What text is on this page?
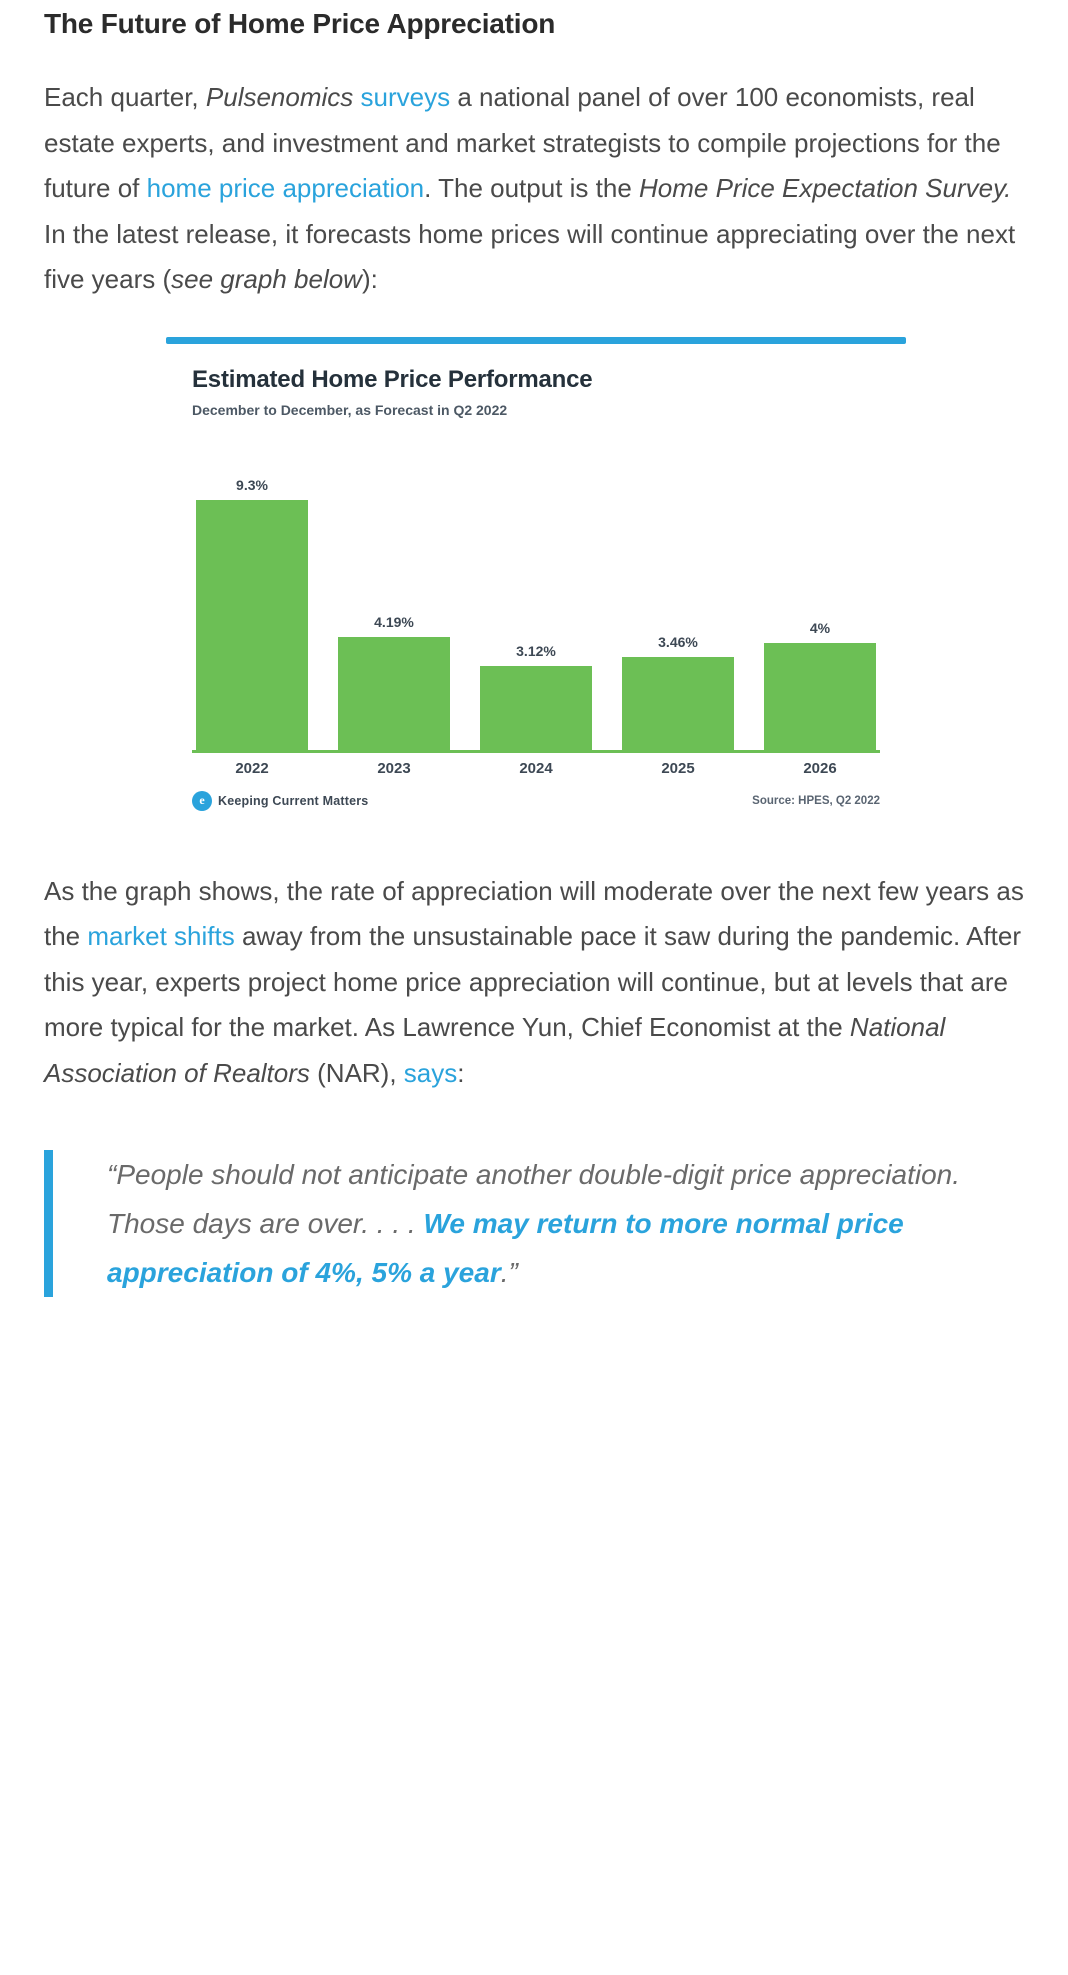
The Future of Home Price Appreciation

Each quarter, Pulsenomics surveys a national panel of over 100 economists, real estate experts, and investment and market strategists to compile projections for the future of home price appreciation. The output is the Home Price Expectation Survey. In the latest release, it forecasts home prices will continue appreciating over the next five years (see graph below):

Estimated Home Price Performance
December to December, as Forecast in Q2 2022
9.3%
4.19%
3.12%
3.46%
4%
2022	2023	2024	2025	2026
e	Keeping Current Matters	Source: HPES, Q2 2022

As the graph shows, the rate of appreciation will moderate over the next few years as the market shifts away from the unsustainable pace it saw during the pandemic. After this year, experts project home price appreciation will continue, but at levels that are more typical for the market. As Lawrence Yun, Chief Economist at the National Association of Realtors (NAR), says:

“People should not anticipate another double-digit price appreciation. Those days are over. . . . We may return to more normal price appreciation of 4%, 5% a year.”
